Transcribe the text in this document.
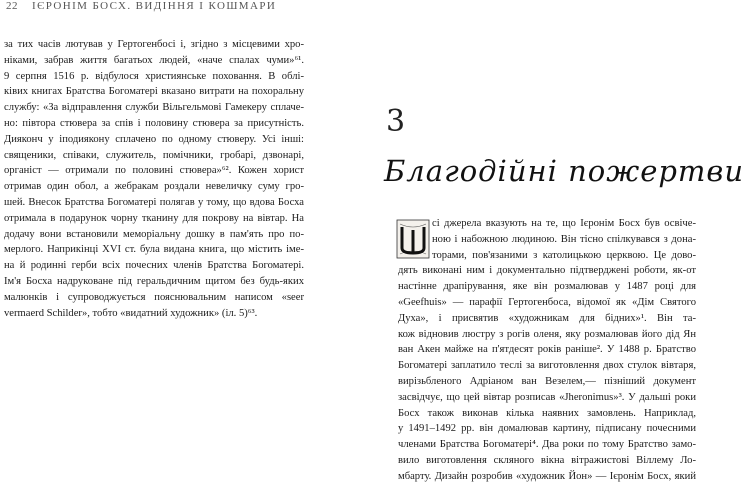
22 ІЄРОНІМ БОСХ. ВИДІННЯ І КОШМАРИ
за тих часів лютував у Гертогенбосі і, згідно з місцевими хро-
ніками, забрав життя багатьох людей, «наче спалах чуми»⁶¹.
9 серпня 1516 р. відбулося християнське поховання. В облі-
ківих книгах Братства Богоматері вказано витрати на похоральну
службу: «За відправлення служби Вільгельмові Гамекеру сплаче-
но: півтора стювера за спів і половину стювера за присутність.
Дияконч у іподиякону сплачено по одному стюверу. Усі інші:
священики, співаки, служитель, помічники, гробарі, дзвонарі,
органіст — отримали по половині стювера»⁶². Кожен хорист
отримав один обол, а жебракам роздали невеличку суму гро-
шей. Внесок Братства Богоматері полягав у тому, що вдова Босха
отримала в подарунок чорну тканину для покрову на вівтар. На
додачу вони встановили меморіальну дошку в пам'ять про по-
мерлого. Наприкінці XVI ст. була видана книга, що містить іме-
на й родинні герби всіх почесних членів Братства Богоматері.
Ім'я Босха надруковане під геральдичним щитом без будь-яких
малюнків і супроводжується пояснювальним написом «seer
vermaerd Schilder», тобто «видатний художник» (іл. 5)⁶³.
3
Благодійні пожертви
сі джерела вказують на те, що Ієронім Босх був освіче-
ною і набожною людиною. Він тісно спілкувався з дона-
торами, пов'язаними з католицькою церквою. Це дово-
дять виконані ним і документально підтверджені роботи, як-от
настінне драпірування, яке він розмалював у 1487 році для
«Geefhuis» — парафії Гертогенбоса, відомої як «Дім Святого
Духа», і присвятив «художникам для бідних»¹. Він та-
кож відновив люстру з рогів оленя, яку розмалював його дід Ян
ван Акен майже на п'ятдесят років раніше². У 1488 р. Братство
Богоматері заплатило теслі за виготовлення двох стулок вівтаря,
вирізьбленого Адріаном ван Везелем,— пізніший документ
засвідчує, що цей вівтар розписав «Jheronimus»³. У дальші роки
Босх також виконав кілька наявних замовлень. Наприклад,
у 1491–1492 рр. він домалював картину, підписану почесними
членами Братства Богоматері⁴. Два роки по тому Братство замо-
вило виготовлення скляного вікна вітражистові Віллему Ло-
мбарту. Дизайн розробив «художник Йон» — Ієронім Босх, який
